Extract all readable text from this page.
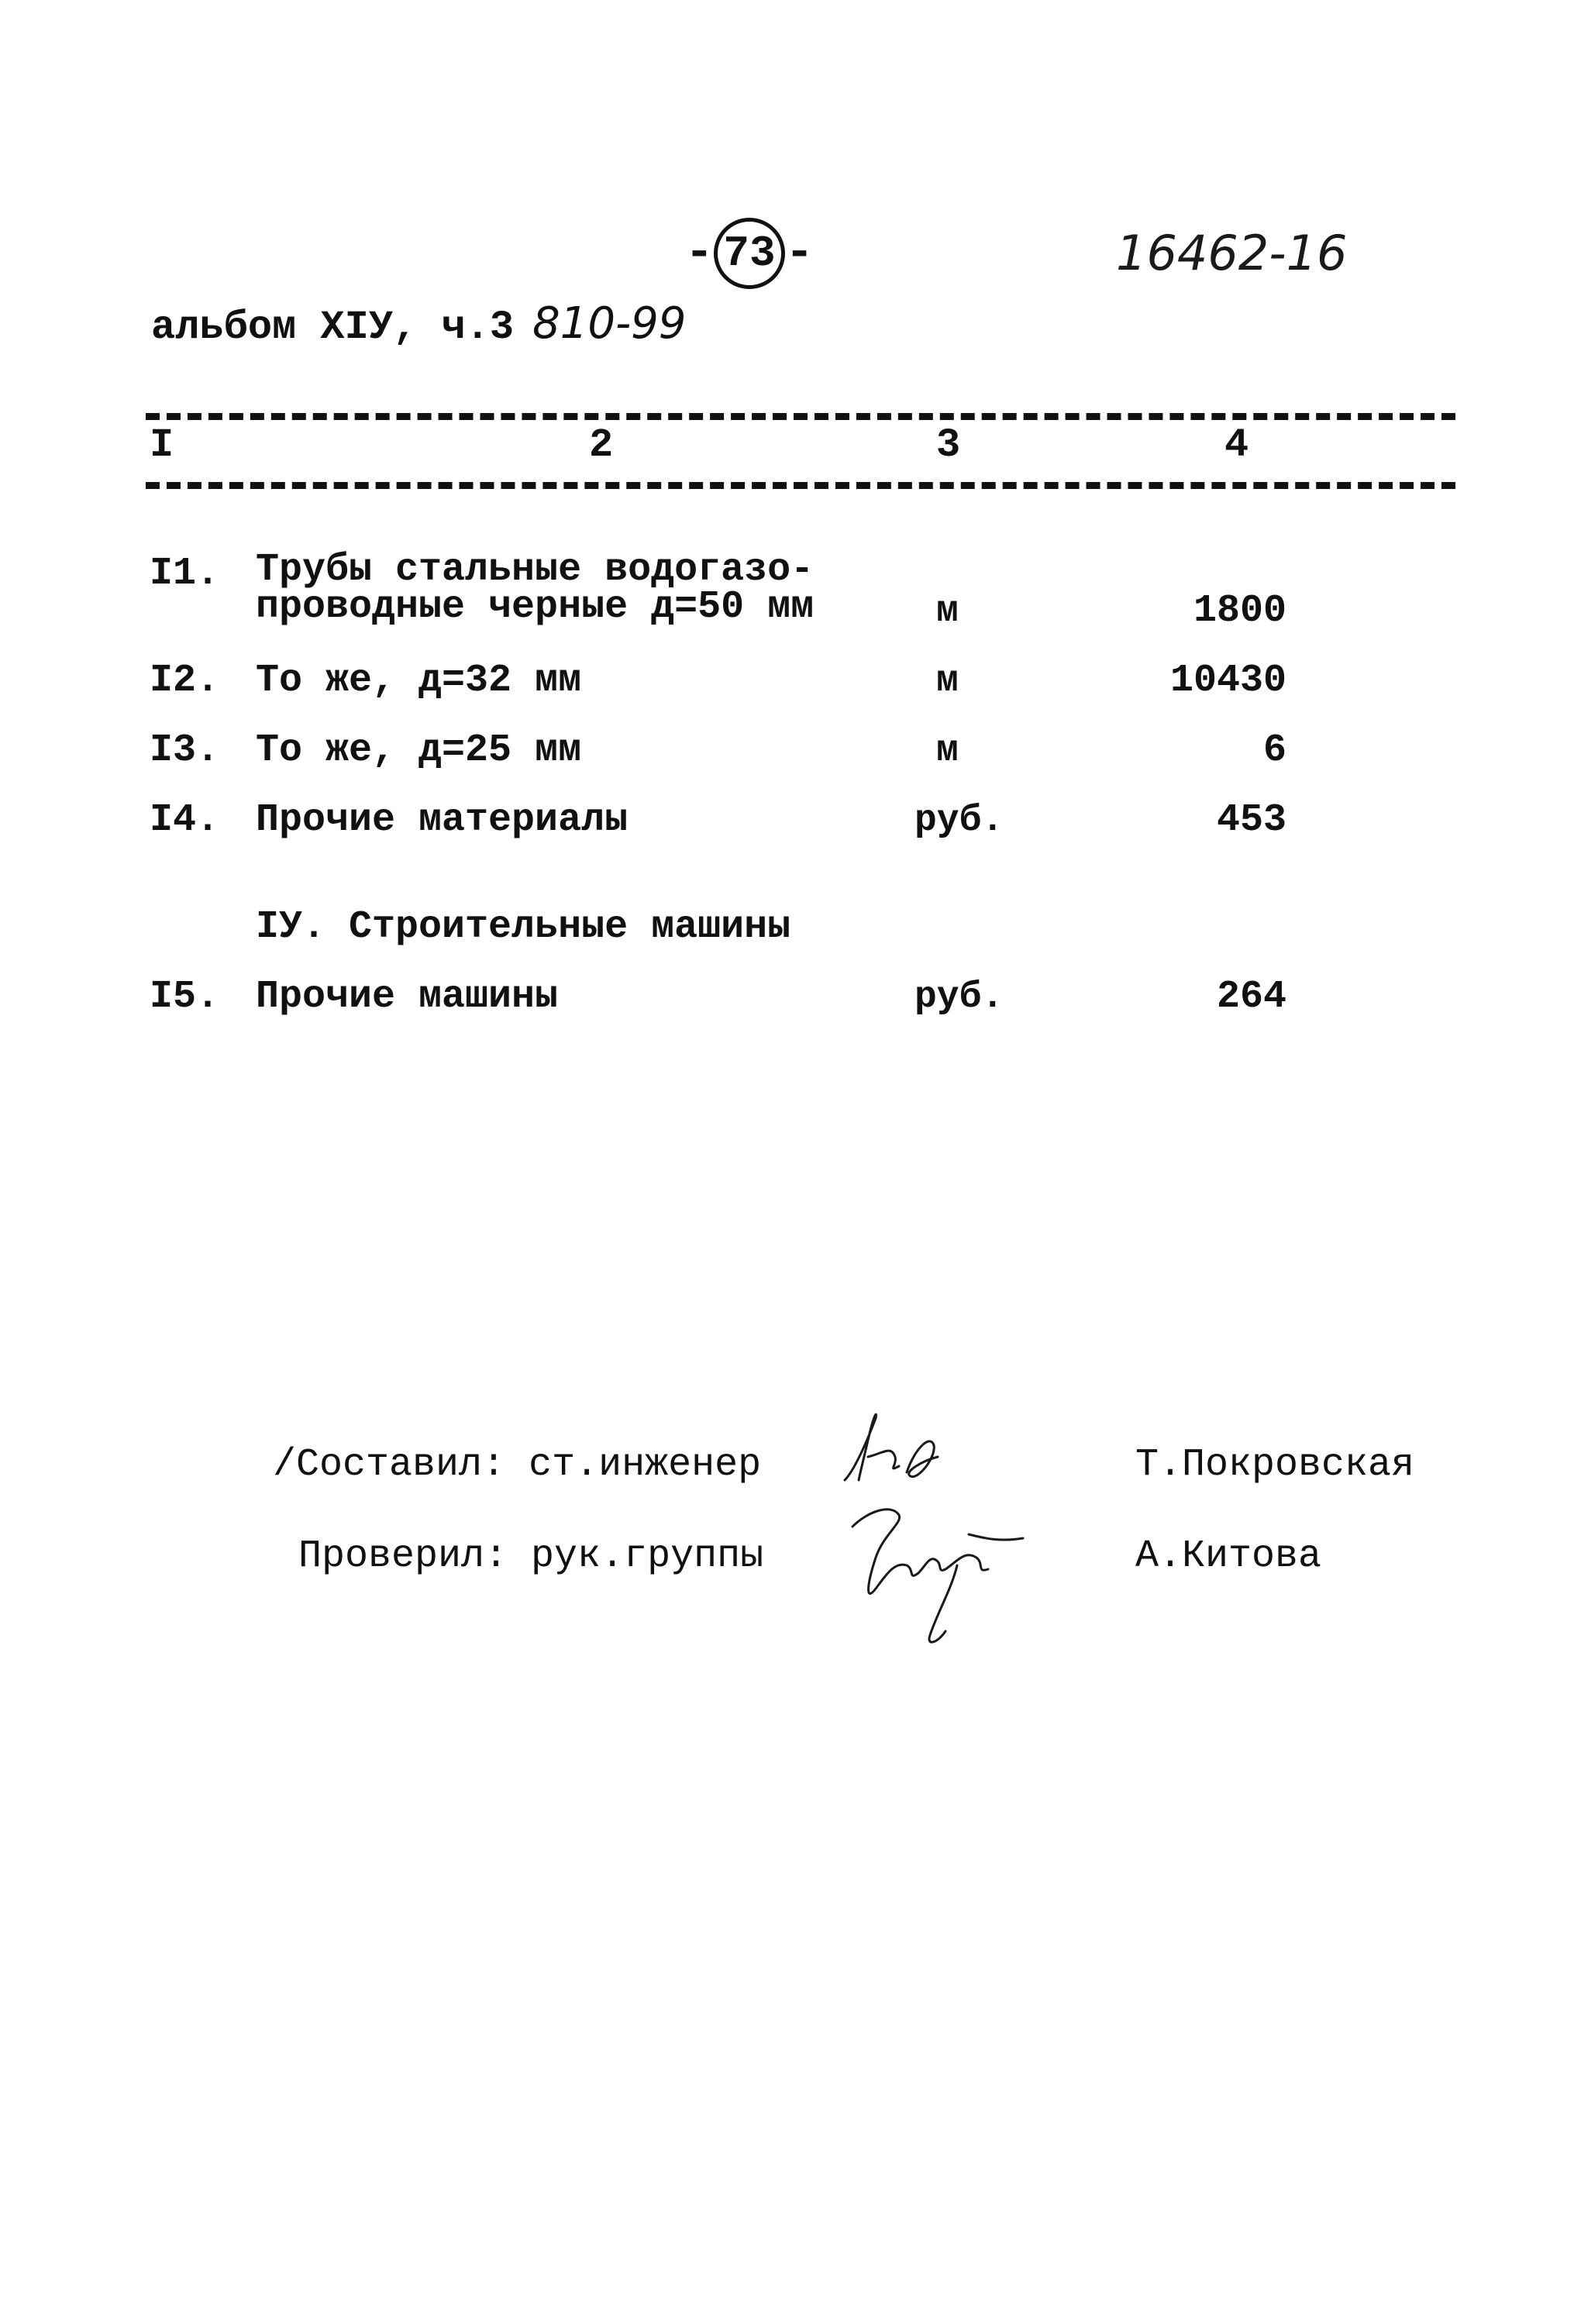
- 73 -	16462-16
альбом XIУ, ч.3 810-99
I	2	3	4
I1. Трубы стальные водогазо-
проводные черные д=50 мм	м	1800
I2. То же, д=32 мм	м	10430
I3. То же, д=25 мм	м	6
I4. Прочие материалы	руб.	453
IУ. Строительные машины
I5. Прочие машины	руб.	264
/Составил: ст.инженер
Проверил: рук.группы
Т.Покровская
А.Китова
